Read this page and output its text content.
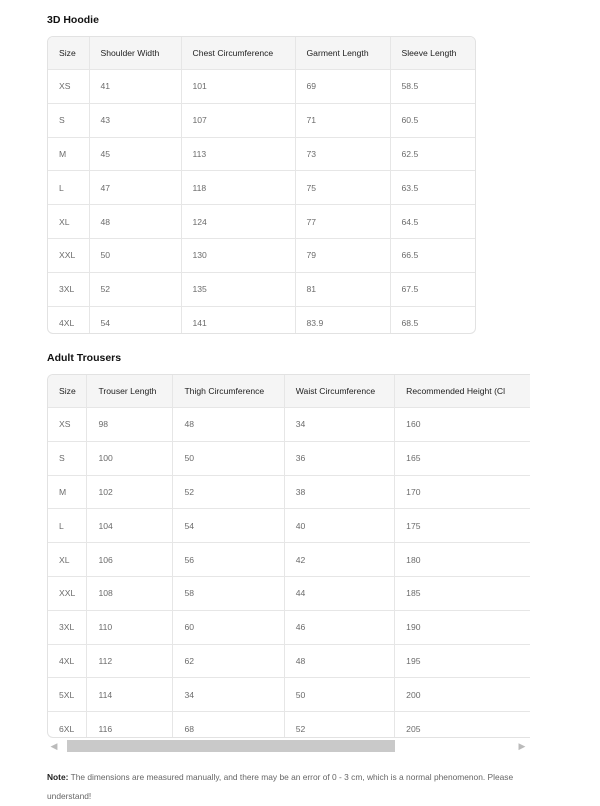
3D Hoodie
Size	Shoulder Width	Chest Circumference	Garment Length	Sleeve Length
XS	41	101	69	58.5
S	43	107	71	60.5
M	45	113	73	62.5
L	47	118	75	63.5
XL	48	124	77	64.5
XXL	50	130	79	66.5
3XL	52	135	81	67.5
4XL	54	141	83.9	68.5
Adult Trousers
Size	Trouser Length	Thigh Circumference	Waist Circumference	Recommended Height (Cl
XS	98	48	34	160
S	100	50	36	165
M	102	52	38	170
L	104	54	40	175
XL	106	56	42	180
XXL	108	58	44	185
3XL	110	60	46	190
4XL	112	62	48	195
5XL	114	34	50	200
6XL	116	68	52	205
◀	▶
Note: The dimensions are measured manually, and there may be an error of 0 - 3 cm, which is a normal phenomenon. Please understand!
